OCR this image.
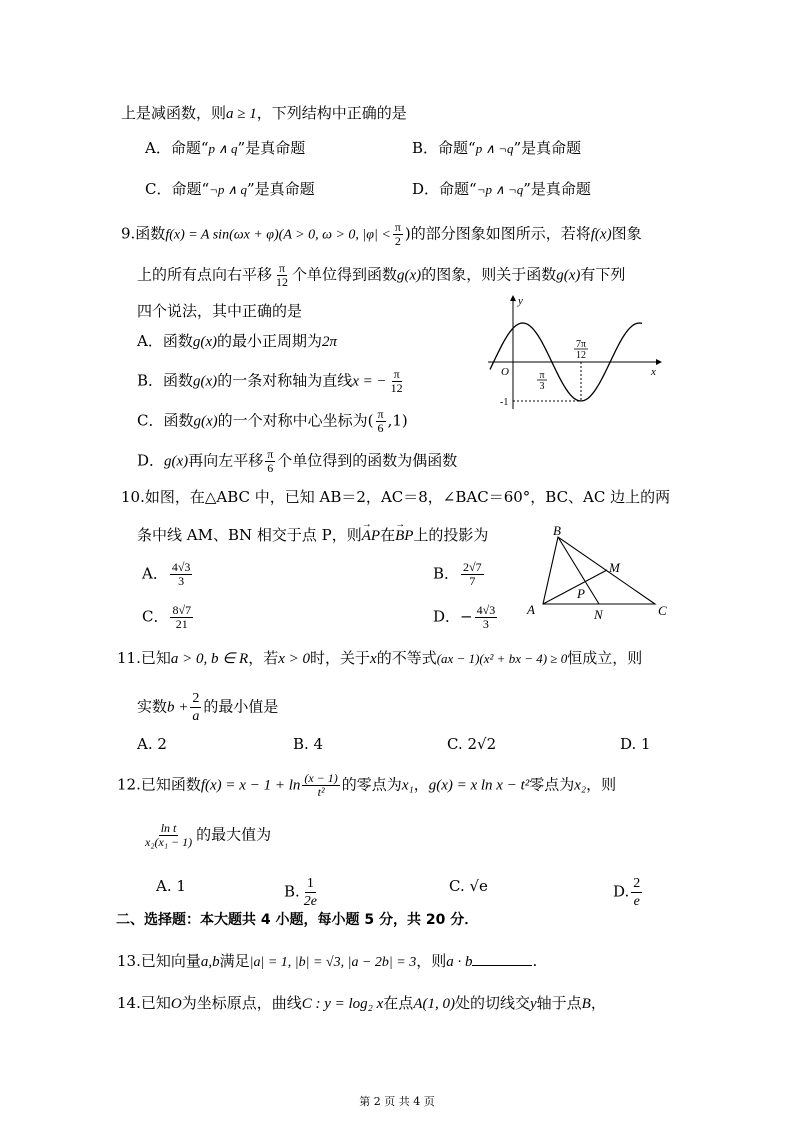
上是减函数，则a ≥ 1，下列结构中正确的是
A．命题“p ∧ q”是真命题	B．命题“p ∧ ¬q”是真命题
C．命题“¬p ∧ q”是真命题	D．命题“¬p ∧ ¬q”是真命题
9.函数f(x) = A sin(ωx + φ)(A > 0, ω > 0, $|\varphi| < \frac{\pi}{2}$ )的部分图象如图所示，若将f(x)图象
上的所有点向右平移 $\frac{\pi}{12}$ 个单位得到函数g(x)的图象，则关于函数g(x)有下列
四个说法，其中正确的是
A．函数g(x)的最小正周期为2π
B．函数g(x)的一条对称轴为直线x = − $\frac{\pi}{12}$
C．函数g(x)的一个对称中心坐标为( $\frac{\pi}{6} ,1$)
D．g(x)再向左平移 $\frac{\pi}{6}$ 个单位得到的函数为偶函数
y
x
O	π
3
7π
12
-1
10.如图，在△ABC 中，已知 AB＝2，AC＝8，∠BAC＝60°，BC、AC 边上的两
条中线 AM、BN 相交于点 P，则→ AP在→ BP上的投影为
A． $\frac{4√3}{3}$	B． $\frac{2√7}{7}$
C． $\frac{8√7}{21}$	D．− $\frac{4√3}{3}$
B
M
P
A	N	C
11.已知a > 0, b ∈ R，若x > 0时，关于x的不等式(ax − 1)(x² + bx − 4) ≥ 0恒成立，则
实数$b + \frac{2}{a}$ 的最小值是
A. 2	B. 4	C. 2√2	D. 1
12.已知函数$f(x) = x - 1 + \ln \frac{(x - 1)}{\text{t²}}$ 的零点为x₁，g(x) = x ln x − t²零点为x₂，则
$\frac{\text{ln t}}{\text{x₂(x₁ − 1)}}$ 的最大值为
A. 1	B. $\frac{1}{2e}$	C. √e	D. $\frac{2}{e}$
二、选择题：本大题共 4 小题，每小题 5 分，共 20 分．
13.已知向量a,b满足|a| = 1, |b| = √3, |a − 2b| = 3，则a · b	.
14.已知O为坐标原点，曲线C : y = log₂ x在点A(1, 0)处的切线交y轴于点B，
第 2 页 共 4 页
